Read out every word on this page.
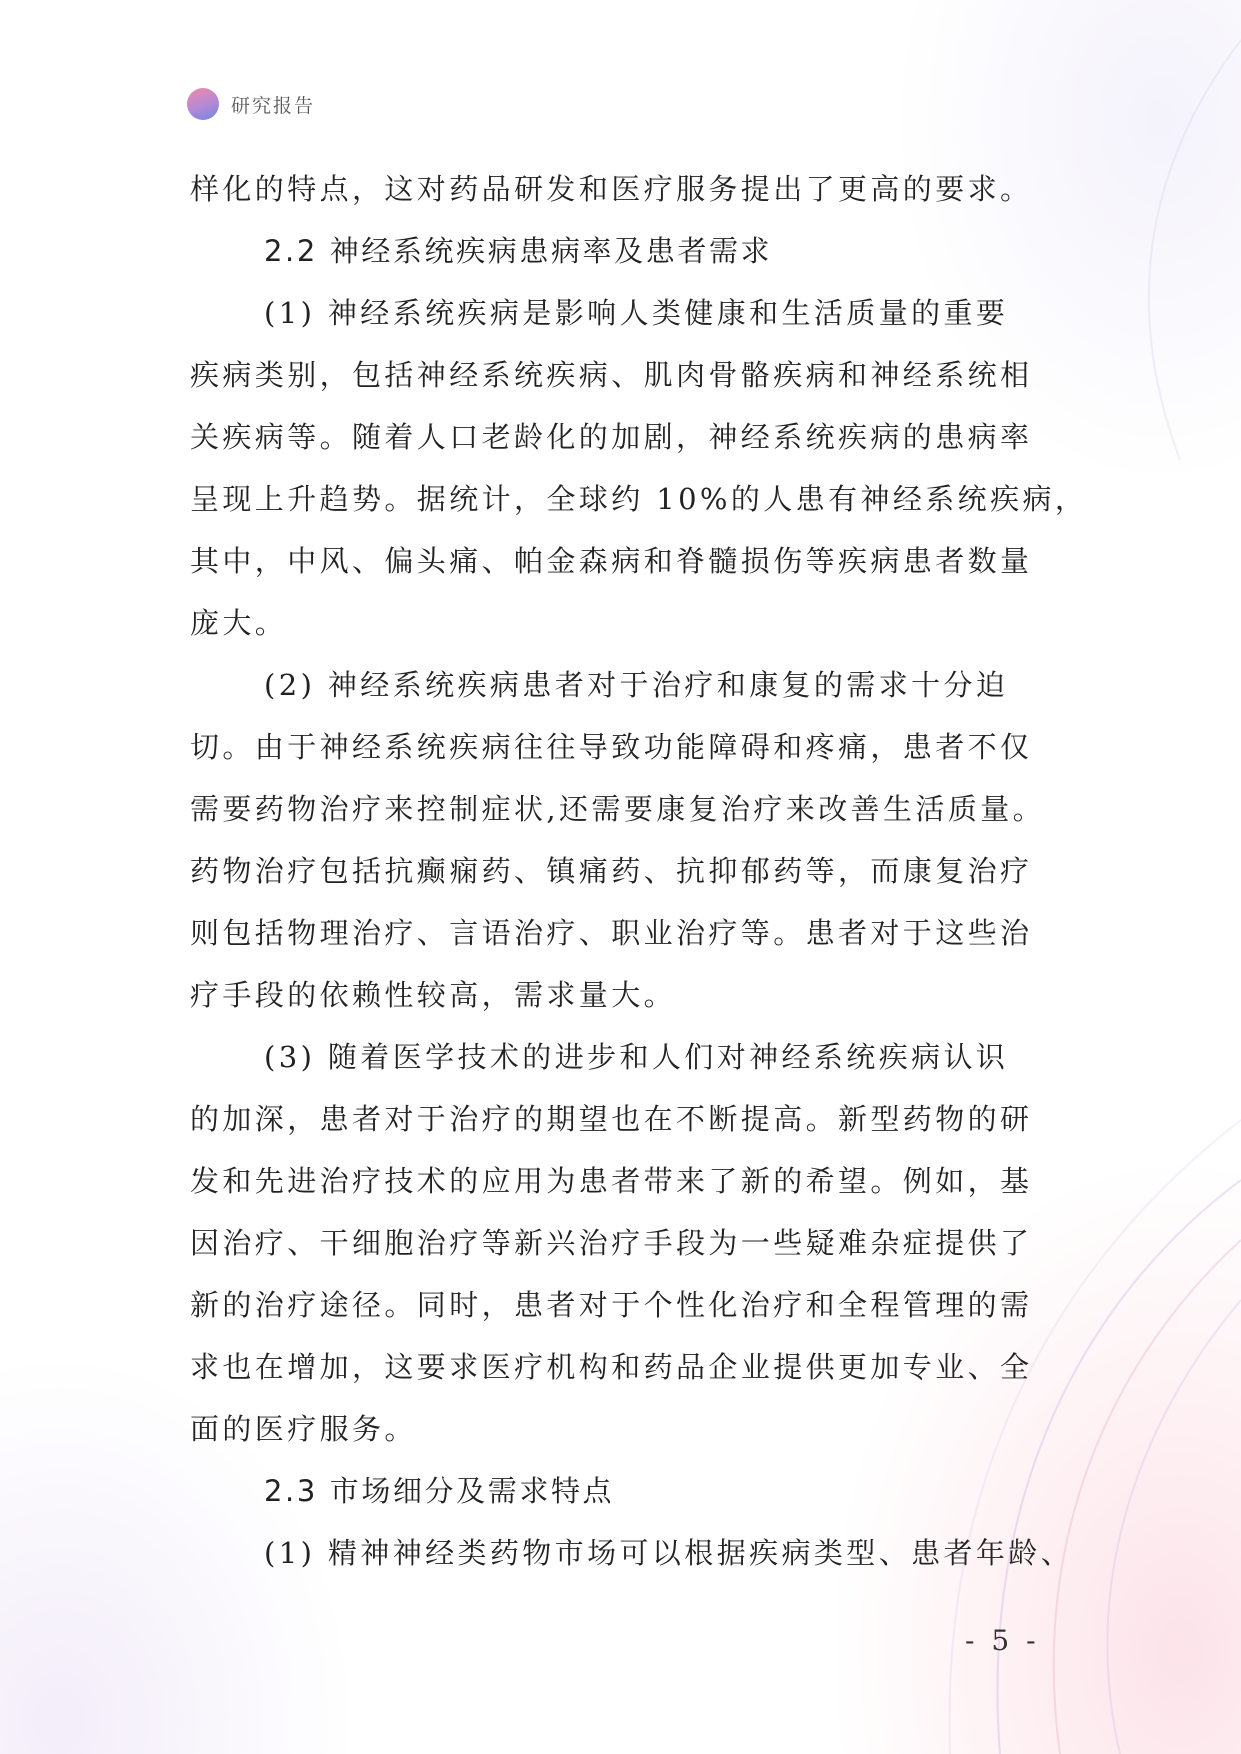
研究报告
样化的特点，这对药品研发和医疗服务提出了更高的要求。
2.2 神经系统疾病患病率及患者需求
(1) 神经系统疾病是影响人类健康和生活质量的重要
疾病类别，包括神经系统疾病、肌肉骨骼疾病和神经系统相
关疾病等。随着人口老龄化的加剧，神经系统疾病的患病率
呈现上升趋势。据统计，全球约 10%的人患有神经系统疾病，
其中，中风、偏头痛、帕金森病和脊髓损伤等疾病患者数量
庞大。
(2) 神经系统疾病患者对于治疗和康复的需求十分迫
切。由于神经系统疾病往往导致功能障碍和疼痛，患者不仅
需要药物治疗来控制症状,还需要康复治疗来改善生活质量。
药物治疗包括抗癫痫药、镇痛药、抗抑郁药等，而康复治疗
则包括物理治疗、言语治疗、职业治疗等。患者对于这些治
疗手段的依赖性较高，需求量大。
(3) 随着医学技术的进步和人们对神经系统疾病认识
的加深，患者对于治疗的期望也在不断提高。新型药物的研
发和先进治疗技术的应用为患者带来了新的希望。例如，基
因治疗、干细胞治疗等新兴治疗手段为一些疑难杂症提供了
新的治疗途径。同时，患者对于个性化治疗和全程管理的需
求也在增加，这要求医疗机构和药品企业提供更加专业、全
面的医疗服务。
2.3 市场细分及需求特点
(1) 精神神经类药物市场可以根据疾病类型、患者年龄、
- 5 -
